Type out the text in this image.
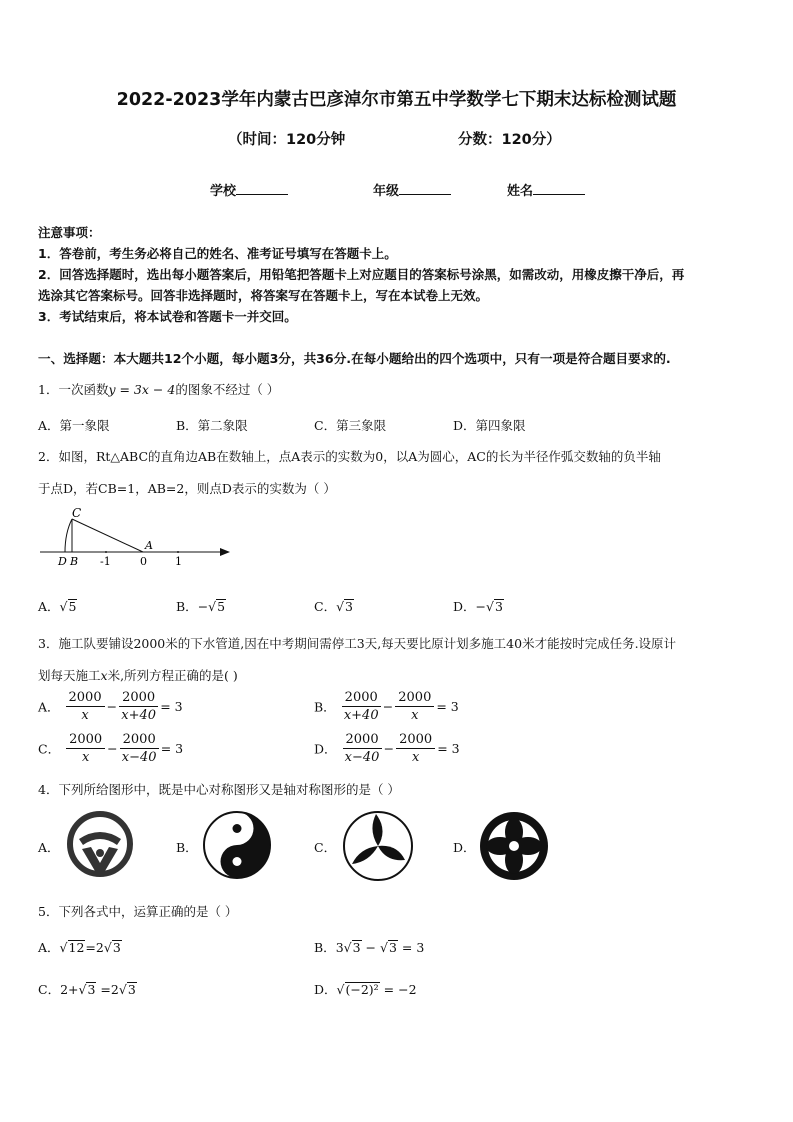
2022-2023学年内蒙古巴彦淖尔市第五中学数学七下期末达标检测试题
（时间：120分钟	分数：120分）
学校	年级	姓名
注意事项：
1．答卷前，考生务必将自己的姓名、准考证号填写在答题卡上。
2．回答选择题时，选出每小题答案后，用铅笔把答题卡上对应题目的答案标号涂黑，如需改动，用橡皮擦干净后，再
选涂其它答案标号。回答非选择题时，将答案写在答题卡上，写在本试卷上无效。
3．考试结束后，将本试卷和答题卡一并交回。
一、选择题：本大题共12个小题，每小题3分，共36分.在每小题给出的四个选项中，只有一项是符合题目要求的.
1．一次函数y = 3x − 4的图象不经过（ ）
A．第一象限	B．第二象限	C．第三象限	D．第四象限
2．如图，Rt△ABC的直角边AB在数轴上，点A表示的实数为0，以A为圆心，AC的长为半径作弧交数轴的负半轴
于点D，若CB=1，AB=2，则点D表示的实数为（ ）
C
A
D B -1	0	1
A．√5	B．−√5	C．√3	D．−√3
3．施工队要铺设2000米的下水管道,因在中考期间需停工3天,每天要比原计划多施工40米才能按时完成任务.设原计
划每天施工x米,所列方程正确的是( )
A． $\frac{2000}{x} - \frac{2000}{x+40} = 3$	B． $\frac{2000}{x+40} - \frac{2000}{x} = 3$
C． $\frac{2000}{x} - \frac{2000}{x-40} = 3$	D． $\frac{2000}{x-40} - \frac{2000}{x} = 3$
4．下列所给图形中，既是中心对称图形又是轴对称图形的是（ ）
A．	B．	C．	D．
5．下列各式中，运算正确的是（ ）
A．√12=2√3	B．3√3 − √3 = 3
C．2+√3 =2√3	D．√(−2)² = −2
